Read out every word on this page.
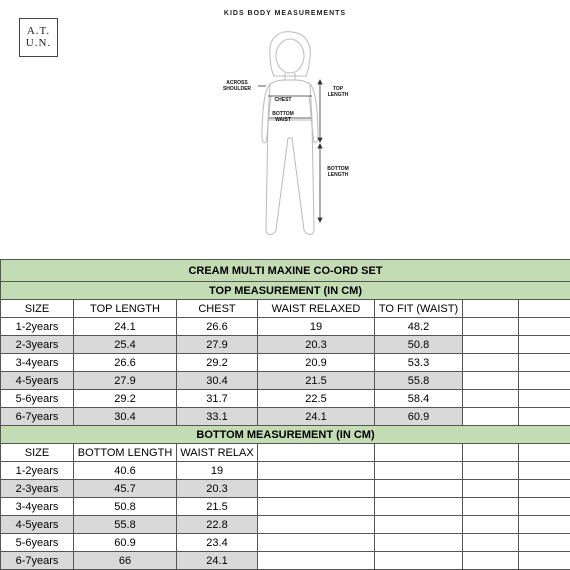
A.T.
U.N.
KIDS BODY MEASUREMENTS
ACROSS
SHOULDER
CHEST
BOTTOM
WAIST
TOP
LENGTH
BOTTOM
LENGTH
CREAM MULTI MAXINE CO-ORD SET						
TOP MEASUREMENT (IN CM)						
SIZE	TOP LENGTH	CHEST	WAIST RELAXED	TO FIT (WAIST)		
1-2years	24.1	26.6	19	48.2		
2-3years	25.4	27.9	20.3	50.8		
3-4years	26.6	29.2	20.9	53.3		
4-5years	27.9	30.4	21.5	55.8		
5-6years	29.2	31.7	22.5	58.4		
6-7years	30.4	33.1	24.1	60.9		
BOTTOM MEASUREMENT (IN CM)						
SIZE	BOTTOM LENGTH	WAIST RELAX				
1-2years	40.6	19				
2-3years	45.7	20.3				
3-4years	50.8	21.5				
4-5years	55.8	22.8				
5-6years	60.9	23.4				
6-7years	66	24.1				
